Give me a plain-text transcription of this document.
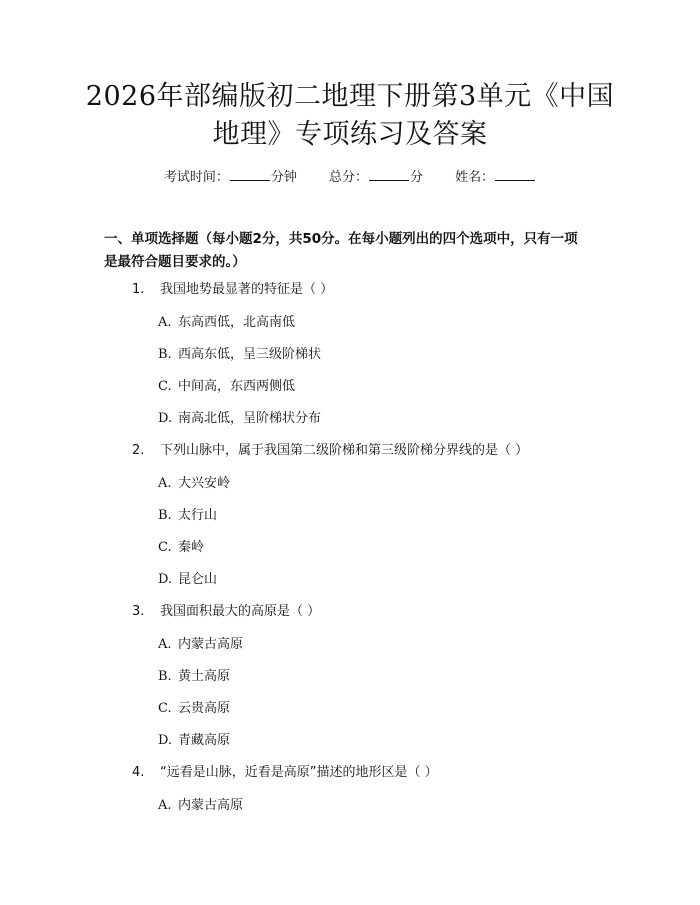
2026年部编版初二地理下册第3单元《中国
地理》专项练习及答案
考试时间：	分钟 总分：	分 姓名：
一、单项选择题（每小题2分，共50分。在每小题列出的四个选项中，只有一项
是最符合题目要求的。）
1. 我国地势最显著的特征是（ ）
A. 东高西低，北高南低
B. 西高东低，呈三级阶梯状
C. 中间高，东西两侧低
D. 南高北低，呈阶梯状分布
2. 下列山脉中，属于我国第二级阶梯和第三级阶梯分界线的是（ ）
A. 大兴安岭
B. 太行山
C. 秦岭
D. 昆仑山
3. 我国面积最大的高原是（ ）
A. 内蒙古高原
B. 黄土高原
C. 云贵高原
D. 青藏高原
4. “远看是山脉，近看是高原”描述的地形区是（ ）
A. 内蒙古高原
